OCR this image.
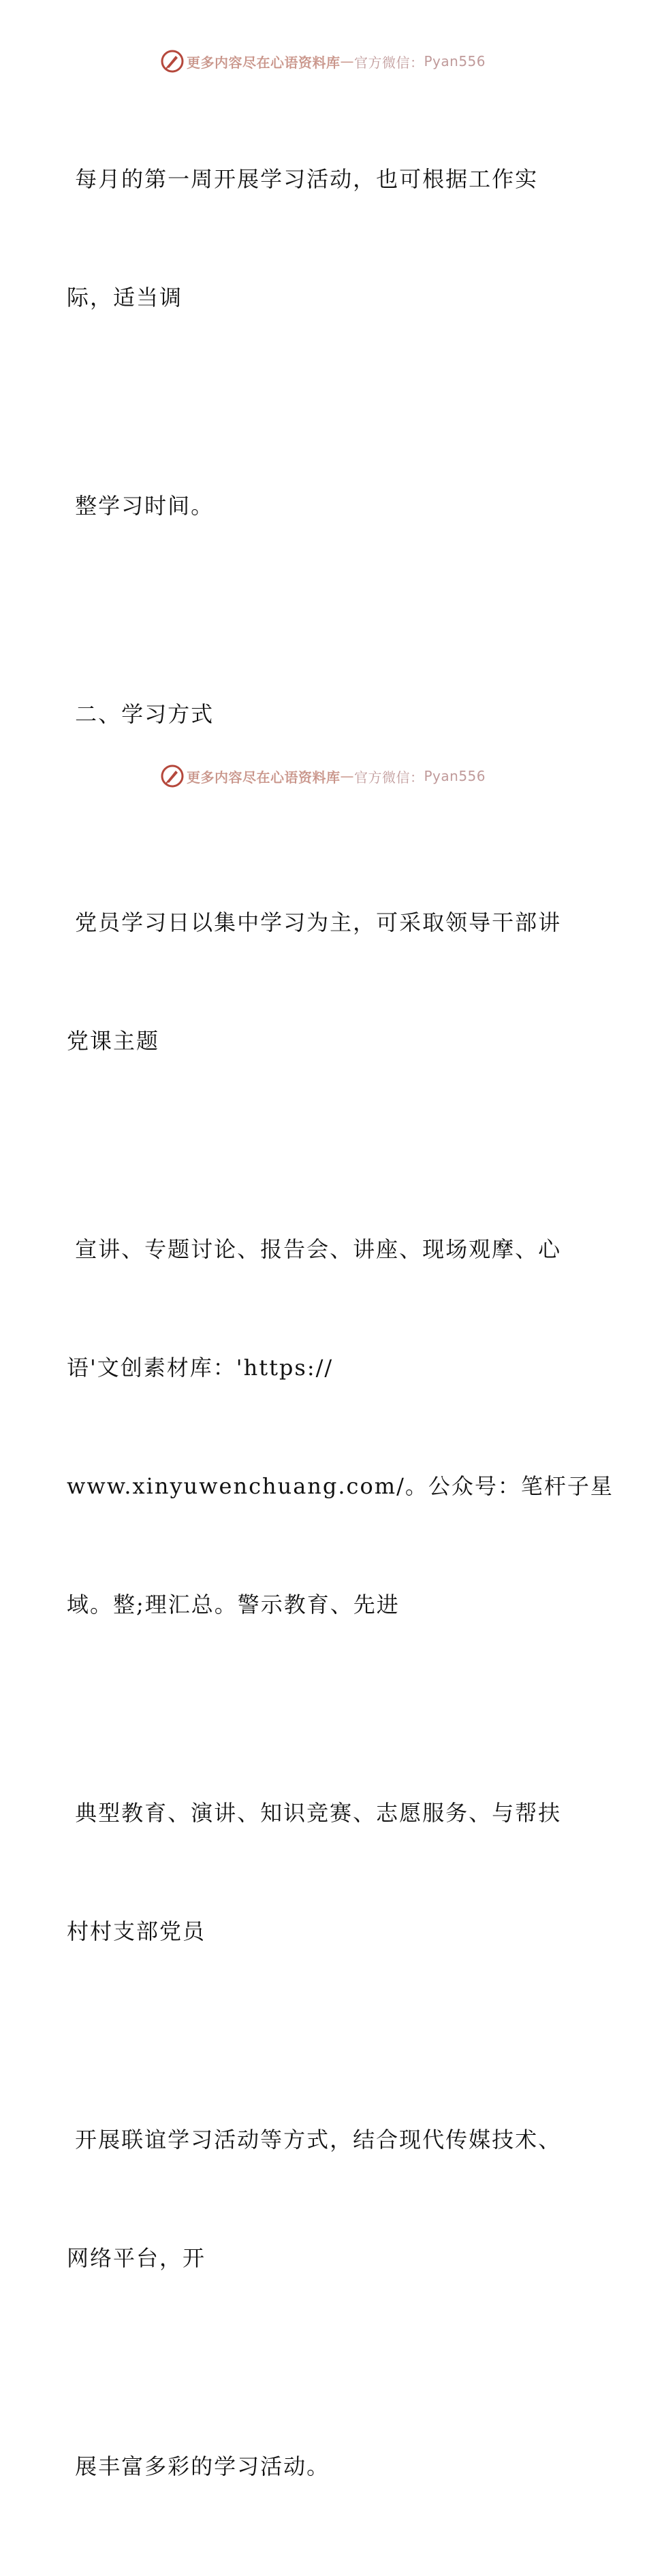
更多内容尽在心语资料库 — 官方微信： Pyan556

每月的第一周开展学习活动，也可根据工作实

际，适当调

整学习时间。

二、学习方式

党员学习日以集中学习为主，可采取领导干部讲

党课主题

宣讲、专题讨论、报告会、讲座、现场观摩、心

语'文创素材库：'https://

www.xinyuwenchuang.com/。公众号：笔杆子星

域。整;理汇总。警示教育、先进

典型教育、演讲、知识竞赛、志愿服务、与帮扶

村村支部党员

开展联谊学习活动等方式，结合现代传媒技术、

网络平台，开

展丰富多彩的学习活动。

更多内容尽在心语资料库 — 官方微信： Pyan556
